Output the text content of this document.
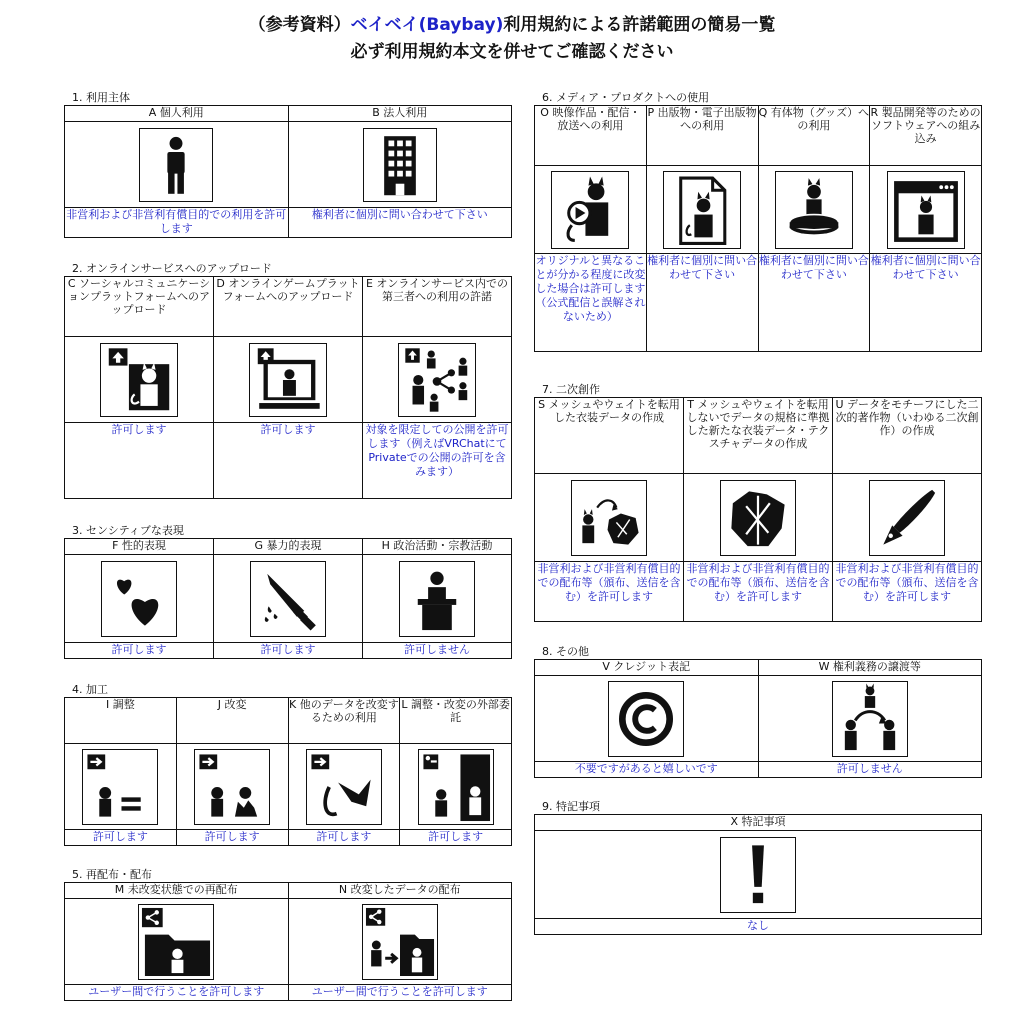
（参考資料）ベイベイ(Baybay)利用規約による許諾範囲の簡易一覧
必ず利用規約本文を併せてご確認ください
1. 利用主体
A 個人利用	B 法人利用

非営利および非営利有償目的での利用を許可します	権利者に個別に問い合わせて下さい
2. オンラインサービスへのアップロード
C ソーシャルコミュニケーションプラットフォームへのアップロード	D オンラインゲームプラットフォームへのアップロード	E オンラインサービス内での第三者への利用の許諾

許可します	許可します	対象を限定しての公開を許可します（例えばVRChatにてPrivateでの公開の許可を含みます）
3. センシティブな表現
F 性的表現	G 暴力的表現	H 政治活動・宗教活動

許可します	許可します	許可しません
4. 加工
I 調整	J 改変	K 他のデータを改変するための利用	L 調整・改変の外部委託

許可します	許可します	許可します	許可します
5. 再配布・配布
M 未改変状態での再配布	N 改変したデータの配布

ユーザー間で行うことを許可します	ユーザー間で行うことを許可します
6. メディア・プロダクトへの使用
O 映像作品・配信・放送への利用	P 出版物・電子出版物への利用	Q 有体物（グッズ）への利用	R 製品開発等のためのソフトウェアへの組み込み

オリジナルと異なることが分かる程度に改変した場合は許可します（公式配信と誤解されないため）	権利者に個別に問い合わせて下さい	権利者に個別に問い合わせて下さい	権利者に個別に問い合わせて下さい
7. 二次創作
S メッシュやウェイトを転用した衣装データの作成	T メッシュやウェイトを転用しないでデータの規格に準拠した新たな衣装データ・テクスチャデータの作成	U データをモチーフにした二次的著作物（いわゆる二次創作）の作成

非営利および非営利有償目的での配布等（頒布、送信を含む）を許可します	非営利および非営利有償目的での配布等（頒布、送信を含む）を許可します	非営利および非営利有償目的での配布等（頒布、送信を含む）を許可します
8. その他
V クレジット表記	W 権利義務の譲渡等

不要ですがあると嬉しいです	許可しません
9. 特記事項
X 特記事項

なし
